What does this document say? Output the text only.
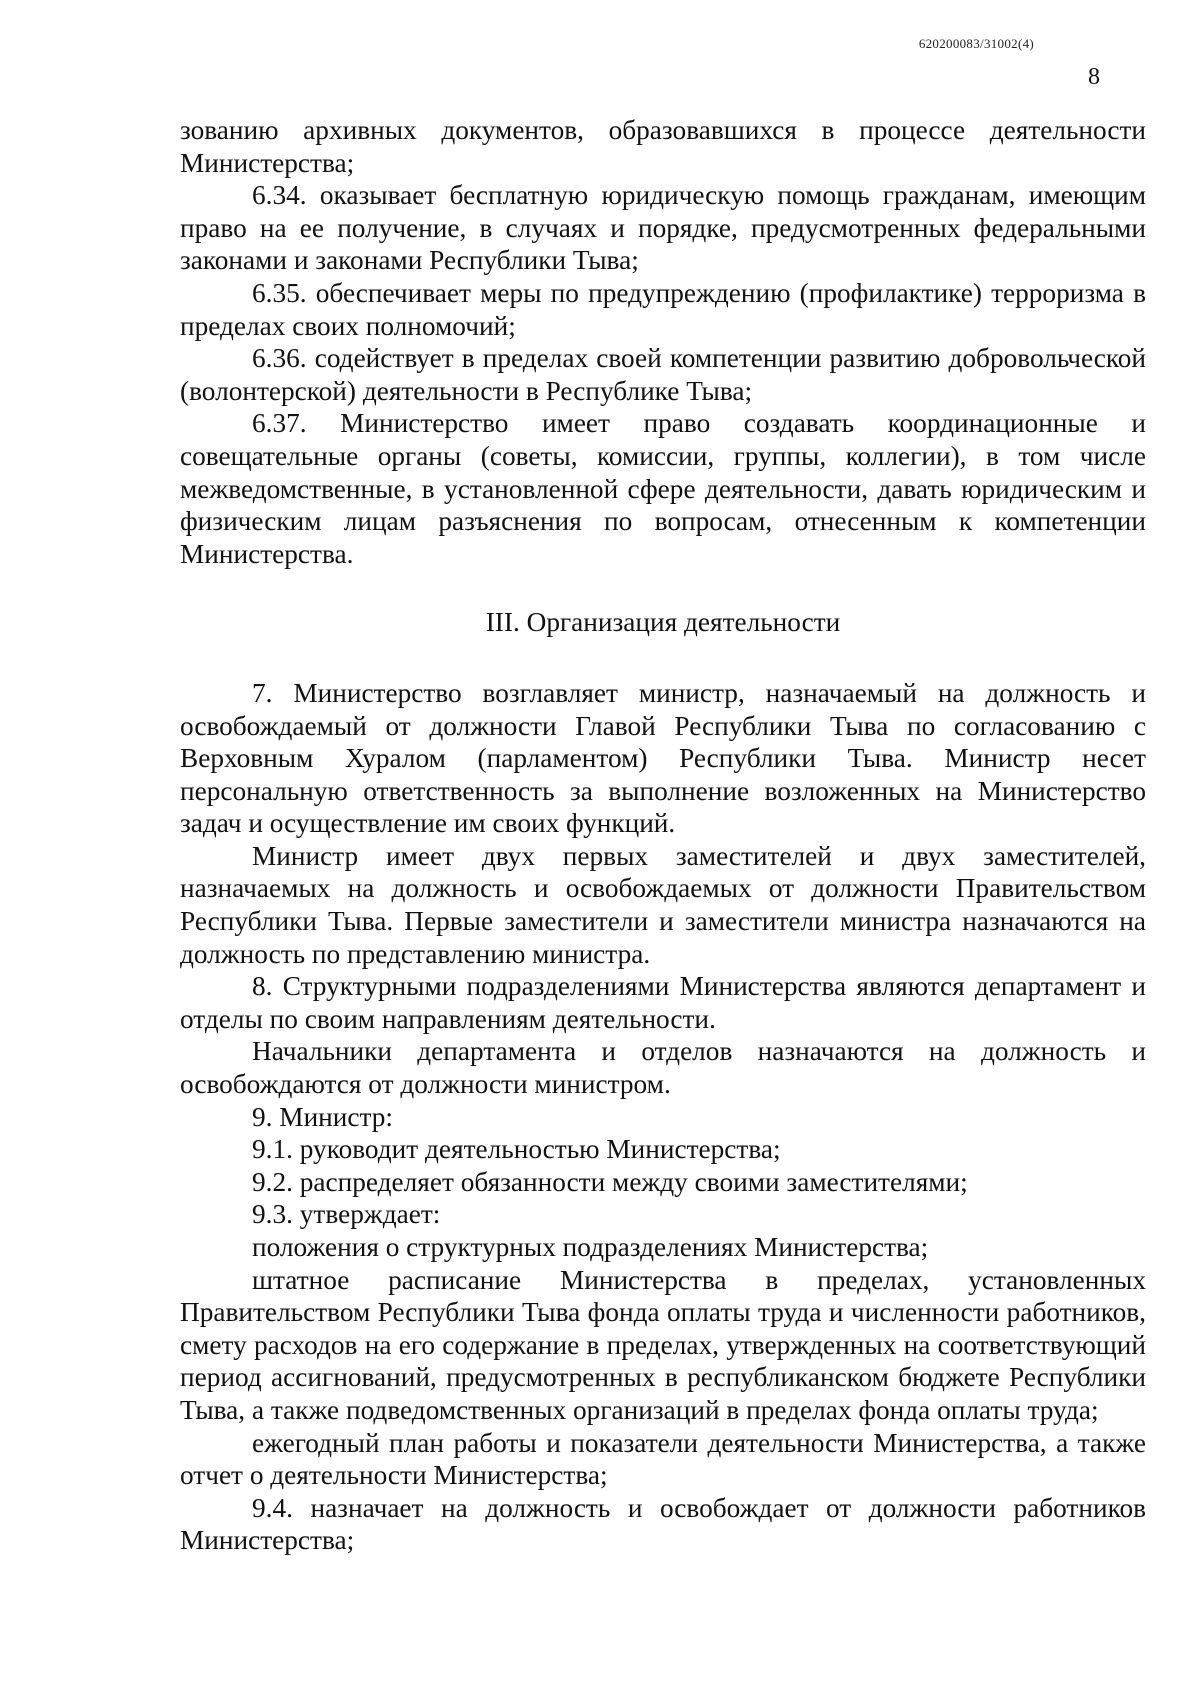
620200083/31002(4)
8

зованию архивных документов, образовавшихся в процессе деятельности Министерства;

6.34. оказывает бесплатную юридическую помощь гражданам, имеющим право на ее получение, в случаях и порядке, предусмотренных федеральными законами и законами Республики Тыва;

6.35. обеспечивает меры по предупреждению (профилактике) терроризма в пределах своих полномочий;

6.36. содействует в пределах своей компетенции развитию добровольческой (волонтерской) деятельности в Республике Тыва;

6.37. Министерство имеет право создавать координационные и совещательные органы (советы, комиссии, группы, коллегии), в том числе межведомственные, в установленной сфере деятельности, давать юридическим и физическим лицам разъяснения по вопросам, отнесенным к компетенции Министерства.

III. Организация деятельности

7. Министерство возглавляет министр, назначаемый на должность и освобождаемый от должности Главой Республики Тыва по согласованию с Верховным Хуралом (парламентом) Республики Тыва. Министр несет персональную ответственность за выполнение возложенных на Министерство задач и осуществление им своих функций.

Министр имеет двух первых заместителей и двух заместителей, назначаемых на должность и освобождаемых от должности Правительством Республики Тыва. Первые заместители и заместители министра назначаются на должность по представлению министра.

8. Структурными подразделениями Министерства являются департамент и отделы по своим направлениям деятельности.

Начальники департамента и отделов назначаются на должность и освобождаются от должности министром.

9. Министр:

9.1. руководит деятельностью Министерства;

9.2. распределяет обязанности между своими заместителями;

9.3. утверждает:

положения о структурных подразделениях Министерства;

штатное расписание Министерства в пределах, установленных Правительством Республики Тыва фонда оплаты труда и численности работников, смету расходов на его содержание в пределах, утвержденных на соответствующий период ассигнований, предусмотренных в республиканском бюджете Республики Тыва, а также подведомственных организаций в пределах фонда оплаты труда;

ежегодный план работы и показатели деятельности Министерства, а также отчет о деятельности Министерства;

9.4. назначает на должность и освобождает от должности работников Министерства;
